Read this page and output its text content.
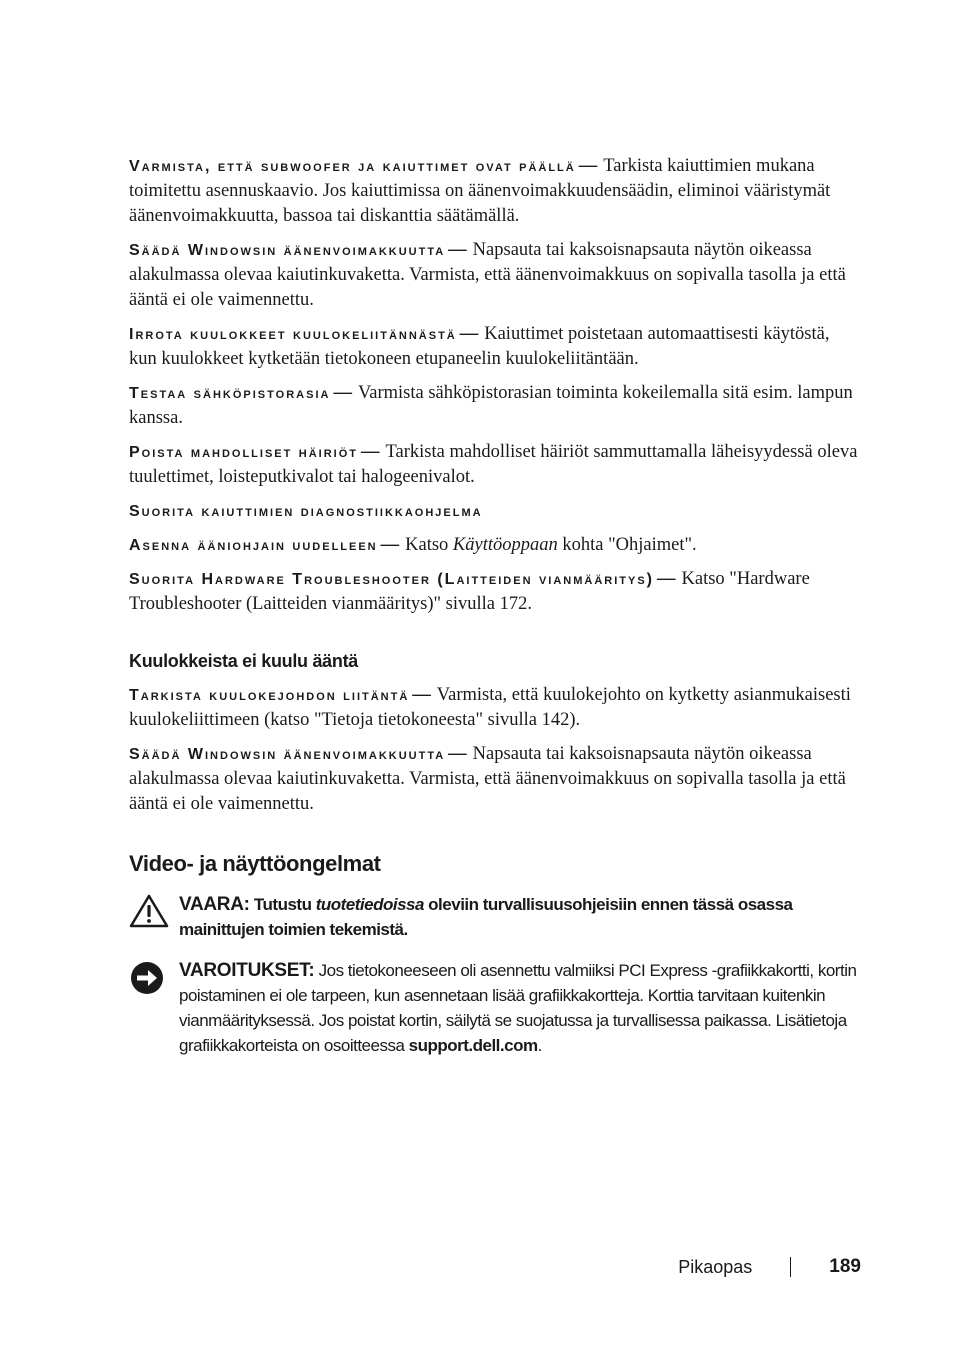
Varmista, että subwoofer ja kaiuttimet ovat päällä — Tarkista kaiuttimien mukana toimitettu asennuskaavio. Jos kaiuttimissa on äänenvoimakkuudensäädin, eliminoi vääristymät äänenvoimakkuutta, bassoa tai diskanttia säätämällä.

Säädä Windowsin äänenvoimakkuutta — Napsauta tai kaksoisnapsauta näytön oikeassa alakulmassa olevaa kaiutinkuvaketta. Varmista, että äänenvoimakkuus on sopivalla tasolla ja että ääntä ei ole vaimennettu.

Irrota kuulokkeet kuulokeliitännästä — Kaiuttimet poistetaan automaattisesti käytöstä, kun kuulokkeet kytketään tietokoneen etupaneelin kuulokeliitäntään.

Testaa sähköpistorasia — Varmista sähköpistorasian toiminta kokeilemalla sitä esim. lampun kanssa.

Poista mahdolliset häiriöt — Tarkista mahdolliset häiriöt sammuttamalla läheisyydessä oleva tuulettimet, loisteputkivalot tai halogeenivalot.

Suorita kaiuttimien diagnostiikkaohjelma

Asenna ääniohjain uudelleen — Katso Käyttöoppaan kohta "Ohjaimet".

Suorita Hardware Troubleshooter (Laitteiden vianmääritys) — Katso "Hardware Troubleshooter (Laitteiden vianmääritys)" sivulla 172.

Kuulokkeista ei kuulu ääntä

Tarkista kuulokejohdon liitäntä — Varmista, että kuulokejohto on kytketty asianmukaisesti kuulokeliittimeen (katso "Tietoja tietokoneesta" sivulla 142).

Säädä Windowsin äänenvoimakkuutta — Napsauta tai kaksoisnapsauta näytön oikeassa alakulmassa olevaa kaiutinkuvaketta. Varmista, että äänenvoimakkuus on sopivalla tasolla ja että ääntä ei ole vaimennettu.

Video- ja näyttöongelmat
VAARA: Tutustu tuotetiedoissa oleviin turvallisuusohjeisiin ennen tässä osassa mainittujen toimien tekemistä.
VAROITUKSET: Jos tietokoneeseen oli asennettu valmiiksi PCI Express -grafiikkakortti, kortin poistaminen ei ole tarpeen, kun asennetaan lisää grafiikkakortteja. Korttia tarvitaan kuitenkin vianmäärityksessä. Jos poistat kortin, säilytä se suojatussa ja turvallisessa paikassa. Lisätietoja grafiikkakorteista on osoitteessa support.dell.com.
Pikaopas	189
